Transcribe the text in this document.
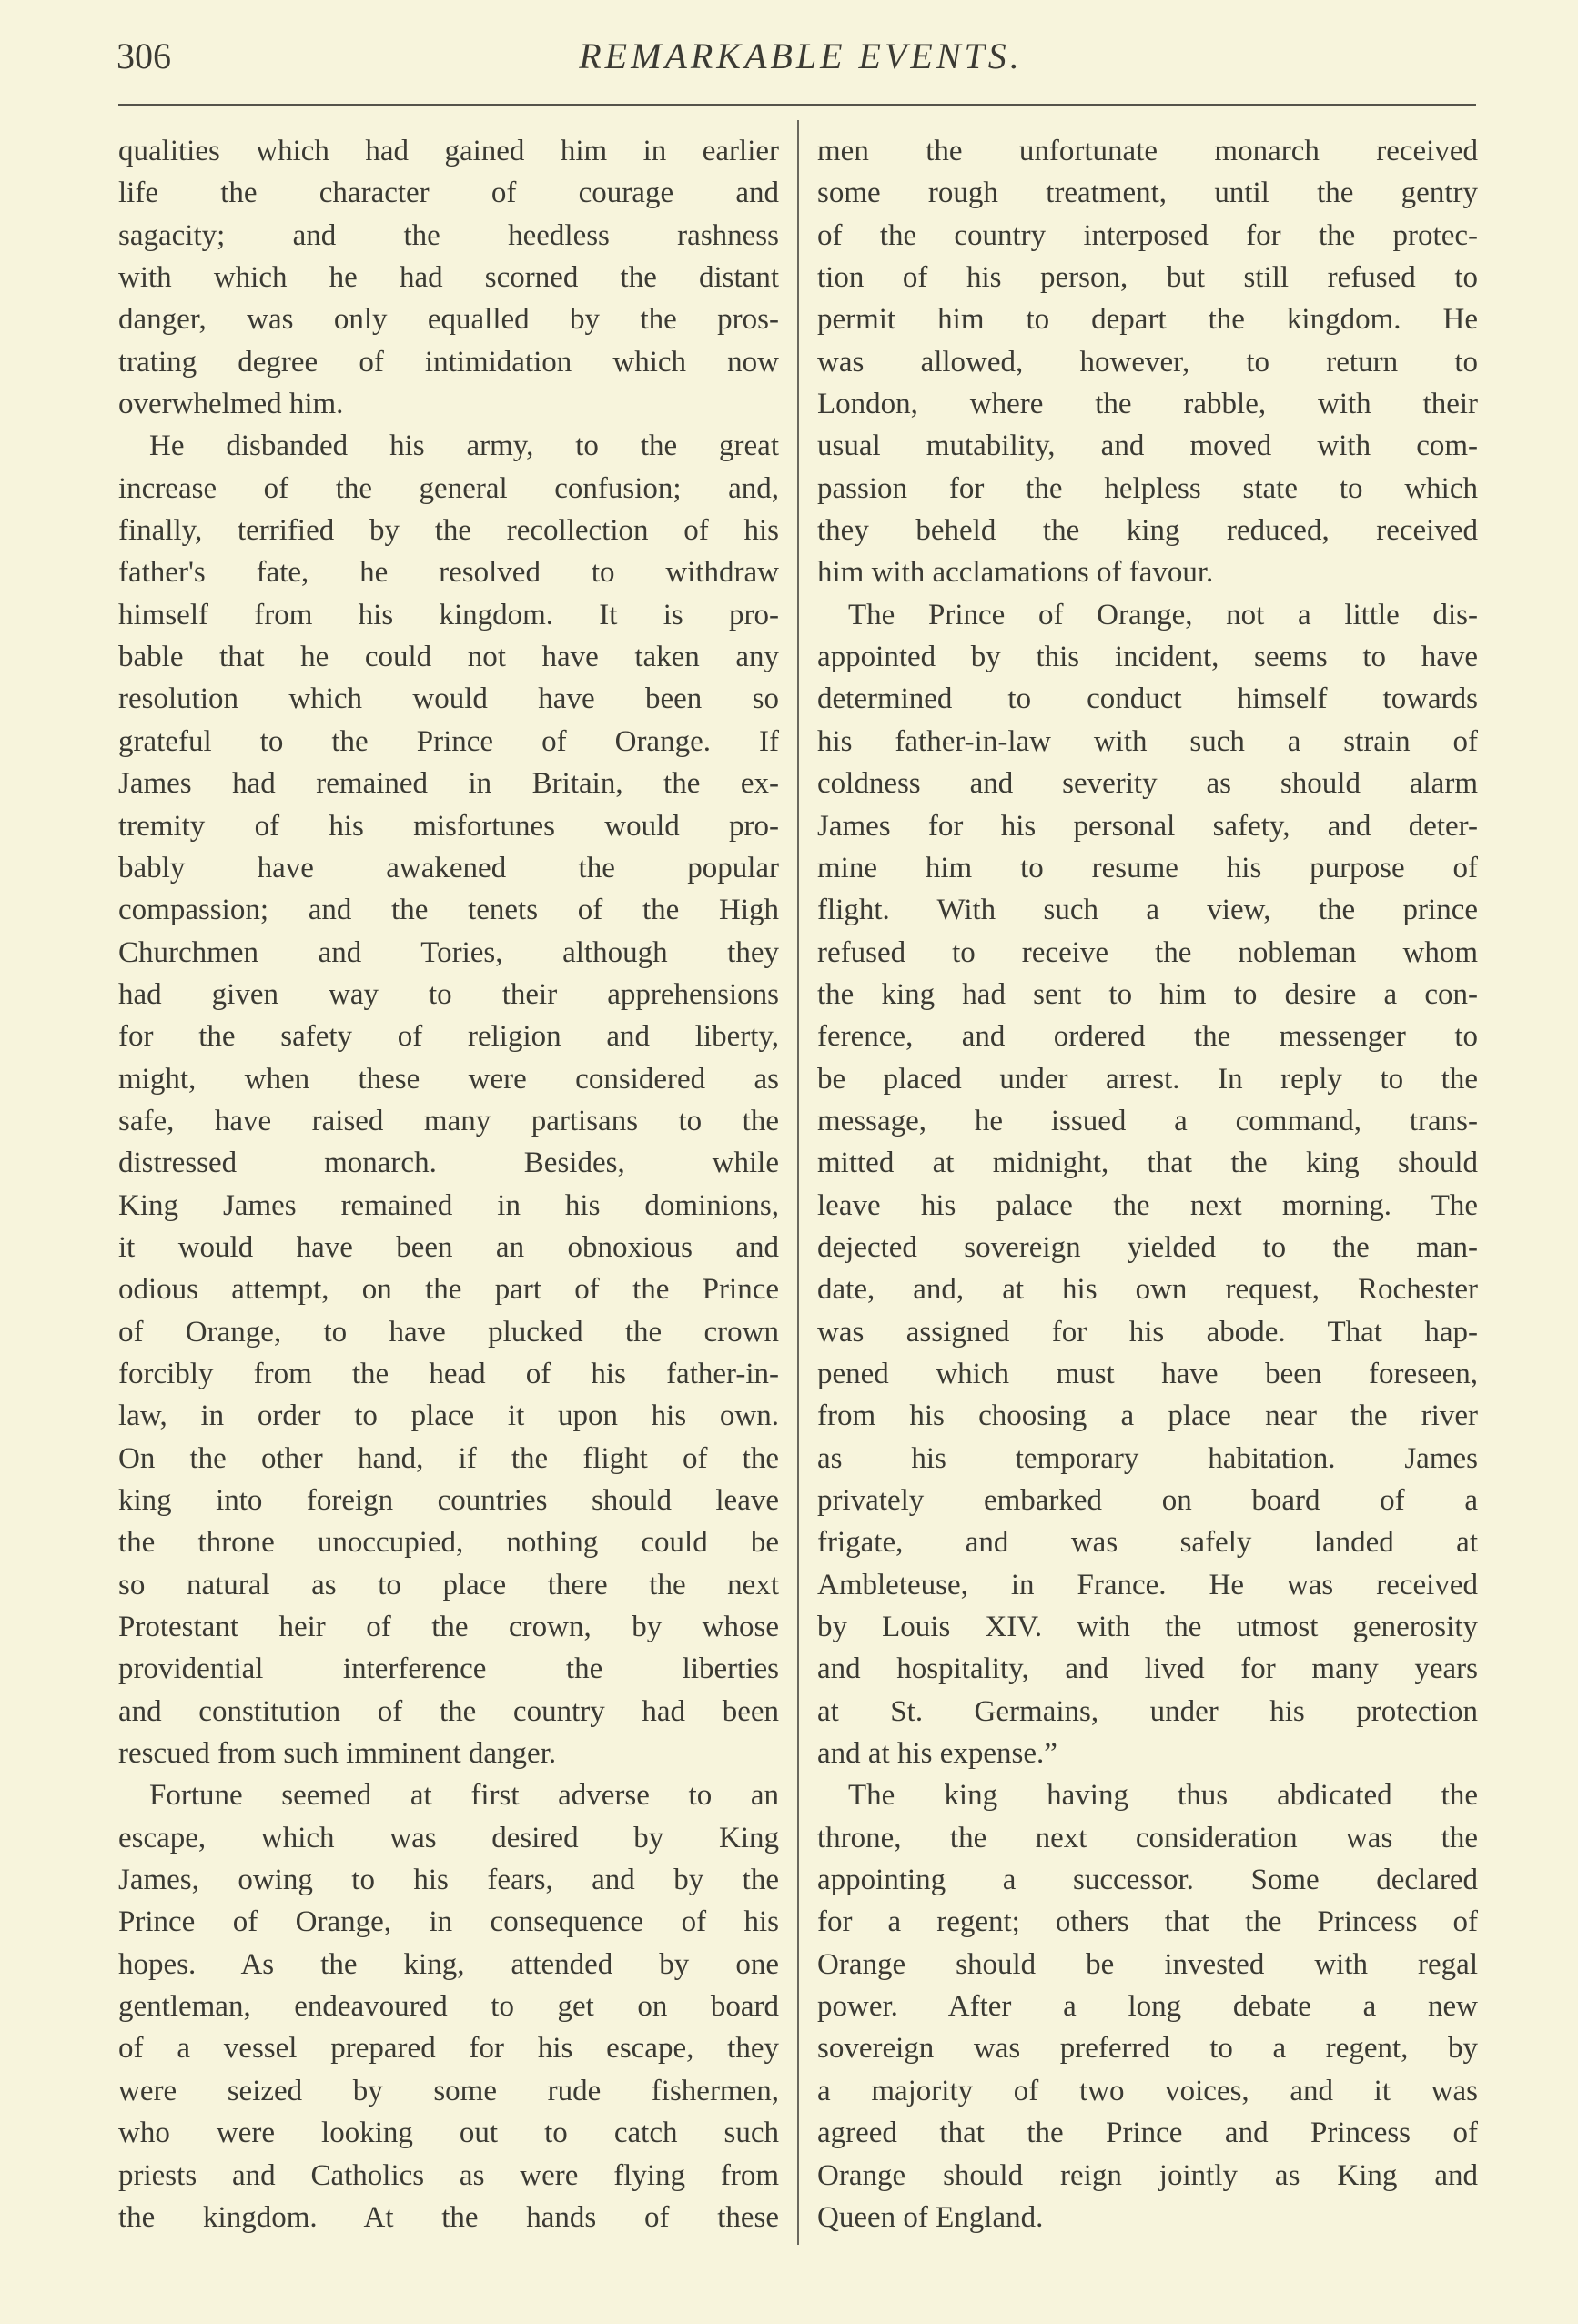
306	REMARKABLE EVENTS.
qualities which had gained him in earlier
life the character of courage and
sagacity; and the heedless rashness
with which he had scorned the distant
danger, was only equalled by the pros-
trating degree of intimidation which now
overwhelmed him.
He disbanded his army, to the great
increase of the general confusion; and,
finally, terrified by the recollection of his
father's fate, he resolved to withdraw
himself from his kingdom. It is pro-
bable that he could not have taken any
resolution which would have been so
grateful to the Prince of Orange. If
James had remained in Britain, the ex-
tremity of his misfortunes would pro-
bably have awakened the popular
compassion; and the tenets of the High
Churchmen and Tories, although they
had given way to their apprehensions
for the safety of religion and liberty,
might, when these were considered as
safe, have raised many partisans to the
distressed monarch. Besides, while
King James remained in his dominions,
it would have been an obnoxious and
odious attempt, on the part of the Prince
of Orange, to have plucked the crown
forcibly from the head of his father-in-
law, in order to place it upon his own.
On the other hand, if the flight of the
king into foreign countries should leave
the throne unoccupied, nothing could be
so natural as to place there the next
Protestant heir of the crown, by whose
providential interference the liberties
and constitution of the country had been
rescued from such imminent danger.
Fortune seemed at first adverse to an
escape, which was desired by King
James, owing to his fears, and by the
Prince of Orange, in consequence of his
hopes. As the king, attended by one
gentleman, endeavoured to get on board
of a vessel prepared for his escape, they
were seized by some rude fishermen,
who were looking out to catch such
priests and Catholics as were flying from
the kingdom. At the hands of these
men the unfortunate monarch received
some rough treatment, until the gentry
of the country interposed for the protec-
tion of his person, but still refused to
permit him to depart the kingdom. He
was allowed, however, to return to
London, where the rabble, with their
usual mutability, and moved with com-
passion for the helpless state to which
they beheld the king reduced, received
him with acclamations of favour.
The Prince of Orange, not a little dis-
appointed by this incident, seems to have
determined to conduct himself towards
his father-in-law with such a strain of
coldness and severity as should alarm
James for his personal safety, and deter-
mine him to resume his purpose of
flight. With such a view, the prince
refused to receive the nobleman whom
the king had sent to him to desire a con-
ference, and ordered the messenger to
be placed under arrest. In reply to the
message, he issued a command, trans-
mitted at midnight, that the king should
leave his palace the next morning. The
dejected sovereign yielded to the man-
date, and, at his own request, Rochester
was assigned for his abode. That hap-
pened which must have been foreseen,
from his choosing a place near the river
as his temporary habitation. James
privately embarked on board of a
frigate, and was safely landed at
Ambleteuse, in France. He was received
by Louis XIV. with the utmost generosity
and hospitality, and lived for many years
at St. Germains, under his protection
and at his expense.”
The king having thus abdicated the
throne, the next consideration was the
appointing a successor. Some declared
for a regent; others that the Princess of
Orange should be invested with regal
power. After a long debate a new
sovereign was preferred to a regent, by
a majority of two voices, and it was
agreed that the Prince and Princess of
Orange should reign jointly as King and
Queen of England.
